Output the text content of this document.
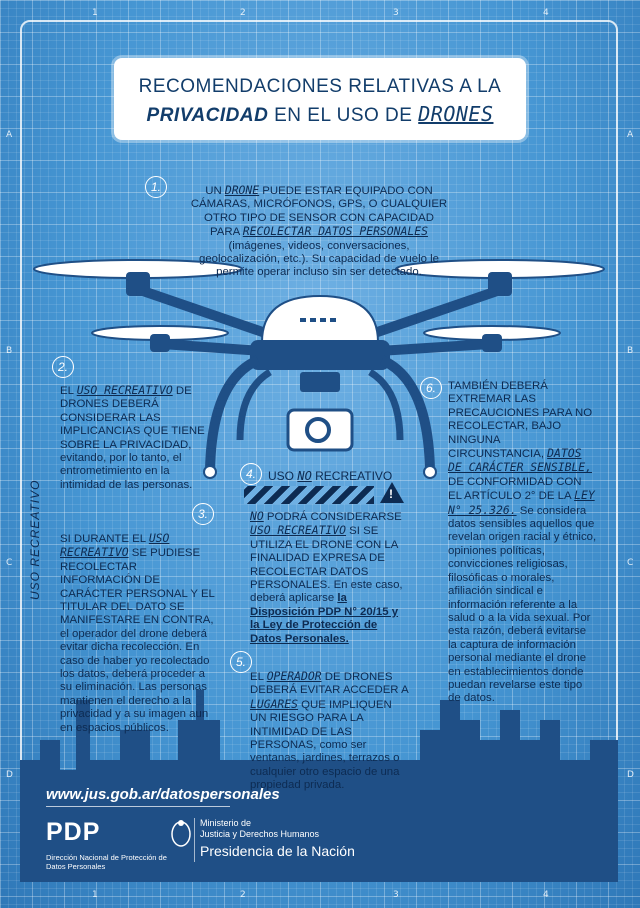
1	2	3	4
1	2	3	4
A
B
C
D
A
B
C
D
RECOMENDACIONES RELATIVAS A LA
PRIVACIDAD EN EL USO DE DRONES
1.
2.
3.
4.
5.
6.
UN DRONE PUEDE ESTAR EQUIPADO CON CÁMARAS, MICRÓFONOS, GPS, O CUALQUIER OTRO TIPO DE SENSOR CON CAPACIDAD PARA RECOLECTAR DATOS PERSONALES (imágenes, videos, conversaciones, geolocalización, etc.). Su capacidad de vuelo le permite operar incluso sin ser detectado.
EL USO RECREATIVO DE DRONES DEBERÁ CONSIDERAR LAS IMPLICANCIAS QUE TIENE SOBRE LA PRIVACIDAD, evitando, por lo tanto, el entrometimiento en la intimidad de las personas.
USO RECREATIVO SI DURANTE EL USO RECREATIVO SE PUDIESE RECOLECTAR INFORMACIÓN DE CARÁCTER PERSONAL Y EL TITULAR DEL DATO SE MANIFESTARE EN CONTRA, el operador del drone deberá evitar dicha recolección. En caso de haber yo recolectado los datos, deberá proceder a su eliminación. Las personas mantienen el derecho a la privacidad y a su imagen aun en espacios públicos.
USO NO RECREATIVO
!
NO PODRÁ CONSIDERARSE USO RECREATIVO SI SE UTILIZA EL DRONE CON LA FINALIDAD EXPRESA DE RECOLECTAR DATOS PERSONALES. En este caso, deberá aplicarse la Disposición PDP N° 20/15 y la Ley de Protección de Datos Personales.
EL OPERADOR DE DRONES DEBERÁ EVITAR ACCEDER A LUGARES QUE IMPLIQUEN UN RIESGO PARA LA INTIMIDAD DE LAS PERSONAS, como ser ventanas, jardines, terrazos o cualquier otro espacio de una propiedad privada.
TAMBIÉN DEBERÁ EXTREMAR LAS PRECAUCIONES PARA NO RECOLECTAR, BAJO NINGUNA CIRCUNSTANCIA, DATOS DE CARÁCTER SENSIBLE, DE CONFORMIDAD CON EL ARTÍCULO 2° DE LA LEY N° 25.326. Se considera datos sensibles aquellos que revelan origen racial y étnico, opiniones políticas, convicciones religiosas, filosóficas o morales, afiliación sindical e información referente a la salud o a la vida sexual. Por esta razón, deberá evitarse la captura de información personal mediante el drone en establecimientos donde puedan revelarse este tipo de datos.
www.jus.gob.ar/datospersonales
PDP
Dirección Nacional de Protección de Datos Personales
Ministerio de
Justicia y Derechos Humanos
Presidencia de la Nación
